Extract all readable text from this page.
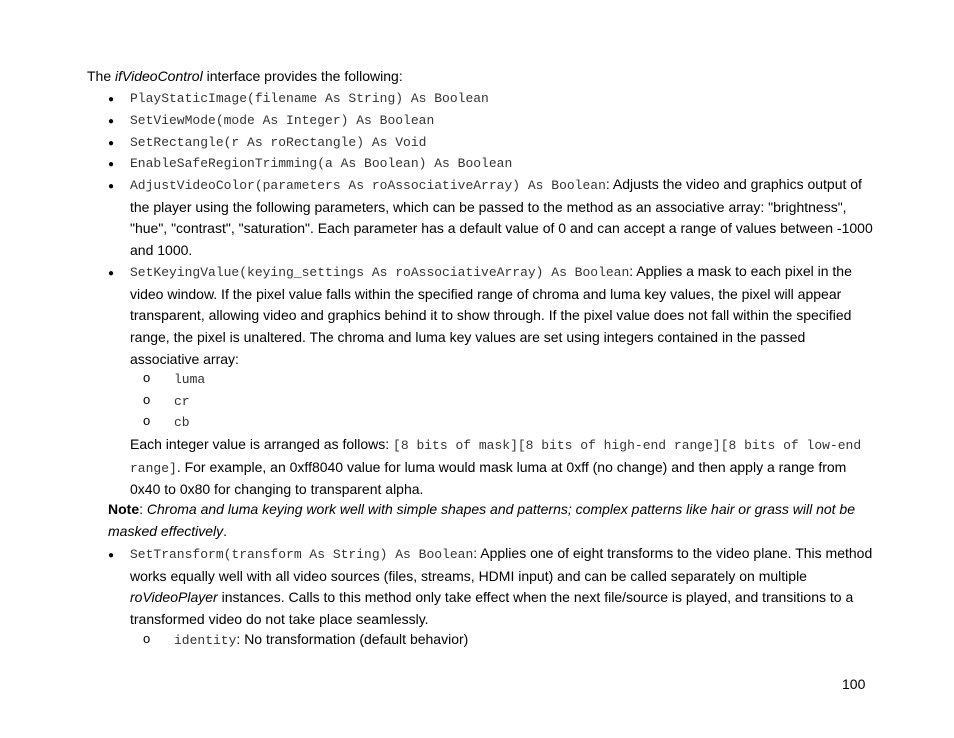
The ifVideoControl interface provides the following:
● PlayStaticImage(filename As String) As Boolean
● SetViewMode(mode As Integer) As Boolean
● SetRectangle(r As roRectangle) As Void
● EnableSafeRegionTrimming(a As Boolean) As Boolean
● AdjustVideoColor(parameters As roAssociativeArray) As Boolean: Adjusts the video and graphics output of the player using the following parameters, which can be passed to the method as an associative array: "brightness", "hue", "contrast", "saturation". Each parameter has a default value of 0 and can accept a range of values between -1000 and 1000.
● SetKeyingValue(keying_settings As roAssociativeArray) As Boolean: Applies a mask to each pixel in the video window. If the pixel value falls within the specified range of chroma and luma key values, the pixel will appear transparent, allowing video and graphics behind it to show through. If the pixel value does not fall within the specified range, the pixel is unaltered. The chroma and luma key values are set using integers contained in the passed associative array:
o luma
o cr
o cb
Each integer value is arranged as follows: [8 bits of mask][8 bits of high-end range][8 bits of low-end range]. For example, an 0xff8040 value for luma would mask luma at 0xff (no change) and then apply a range from 0x40 to 0x80 for changing to transparent alpha.
Note: Chroma and luma keying work well with simple shapes and patterns; complex patterns like hair or grass will not be masked effectively.
● SetTransform(transform As String) As Boolean: Applies one of eight transforms to the video plane. This method works equally well with all video sources (files, streams, HDMI input) and can be called separately on multiple roVideoPlayer instances. Calls to this method only take effect when the next file/source is played, and transitions to a transformed video do not take place seamlessly.
o identity: No transformation (default behavior)
100
